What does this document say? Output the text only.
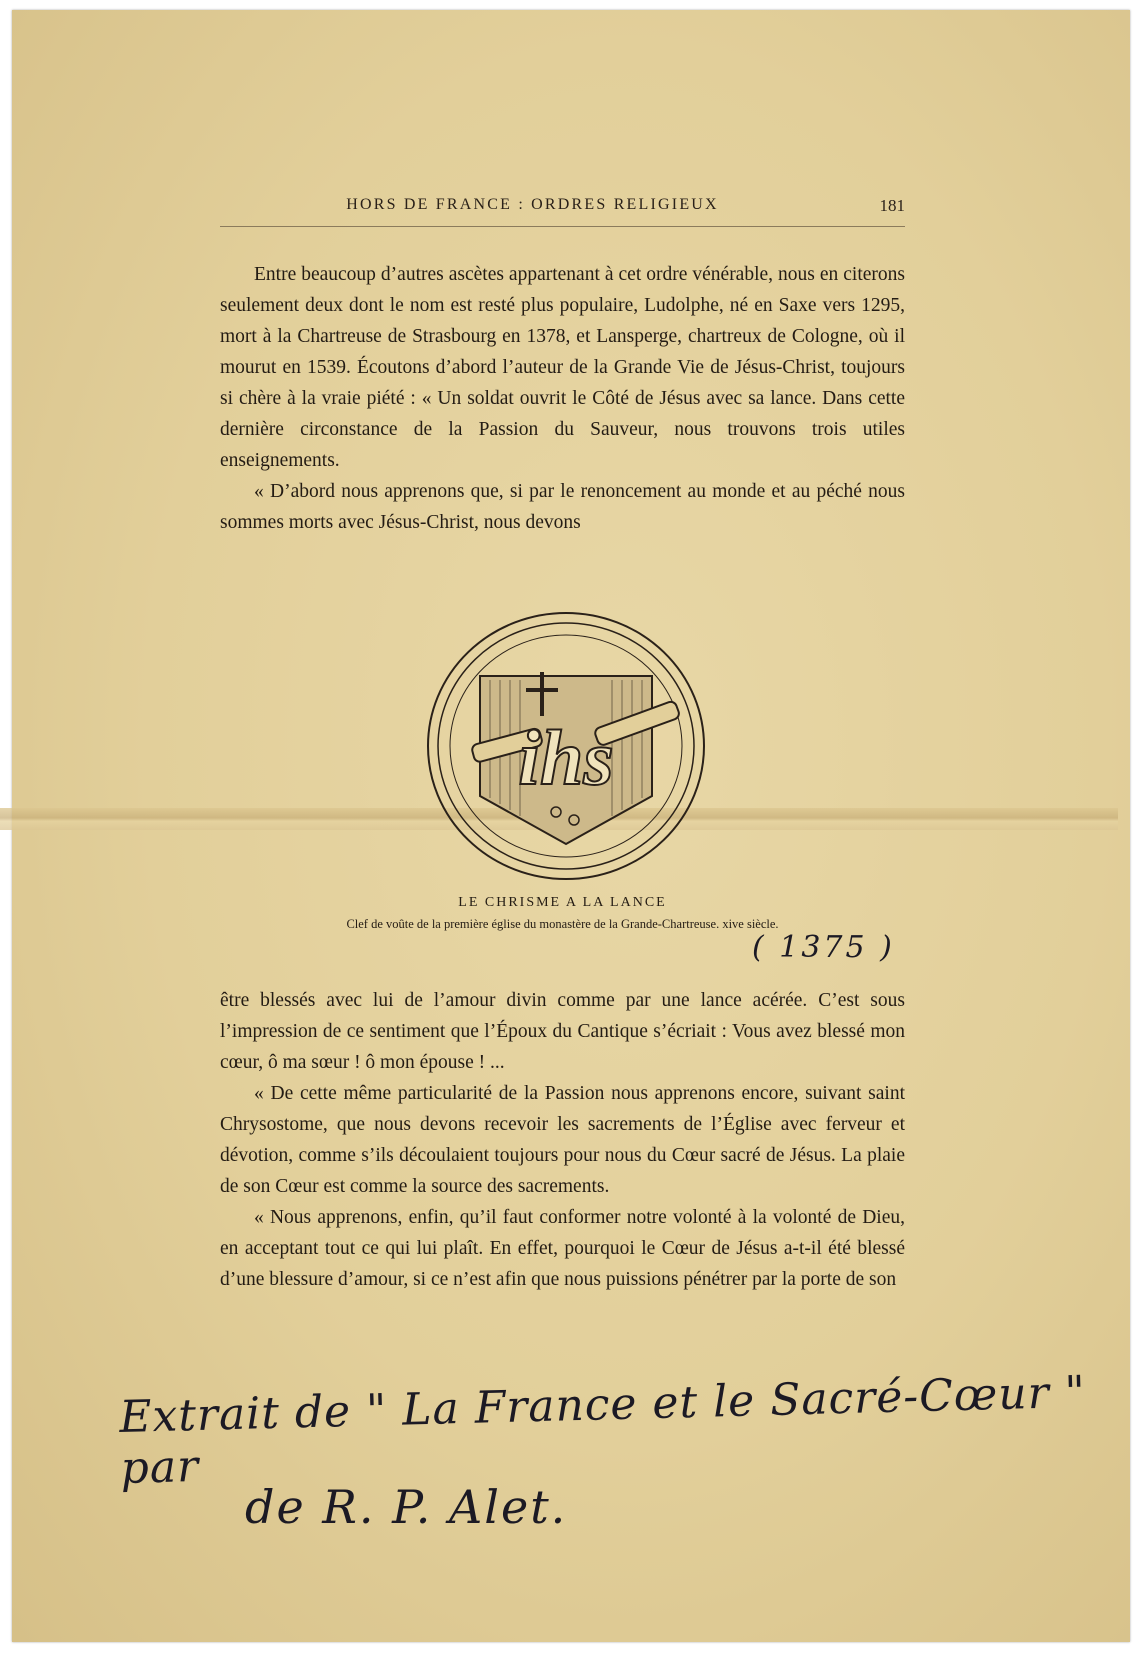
HORS DE FRANCE : ORDRES RELIGIEUX	181

Entre beaucoup d’autres ascètes appartenant à cet ordre vénérable, nous en citerons seulement deux dont le nom est resté plus populaire, Ludolphe, né en Saxe vers 1295, mort à la Chartreuse de Strasbourg en 1378, et Lansperge, chartreux de Cologne, où il mourut en 1539. Écoutons d’abord l’auteur de la Grande Vie de Jésus-Christ, toujours si chère à la vraie piété : « Un soldat ouvrit le Côté de Jésus avec sa lance. Dans cette dernière circonstance de la Passion du Sauveur, nous trouvons trois utiles enseignements.

« D’abord nous apprenons que, si par le renoncement au monde et au péché nous sommes morts avec Jésus-Christ, nous devons

ihs
LE CHRISME A LA LANCE
Clef de voûte de la première église du monastère de la Grande-Chartreuse. xive siècle.
( 1375 )

être blessés avec lui de l’amour divin comme par une lance acérée. C’est sous l’impression de ce sentiment que l’Époux du Cantique s’écriait : Vous avez blessé mon cœur, ô ma sœur ! ô mon épouse ! ...

« De cette même particularité de la Passion nous apprenons encore, suivant saint Chrysostome, que nous devons recevoir les sacrements de l’Église avec ferveur et dévotion, comme s’ils découlaient toujours pour nous du Cœur sacré de Jésus. La plaie de son Cœur est comme la source des sacrements.

« Nous apprenons, enfin, qu’il faut conformer notre volonté à la volonté de Dieu, en acceptant tout ce qui lui plaît. En effet, pourquoi le Cœur de Jésus a-t-il été blessé d’une blessure d’amour, si ce n’est afin que nous puissions pénétrer par la porte de son

Extrait de " La France et le Sacré-Cœur " par
de R. P. Alet.
